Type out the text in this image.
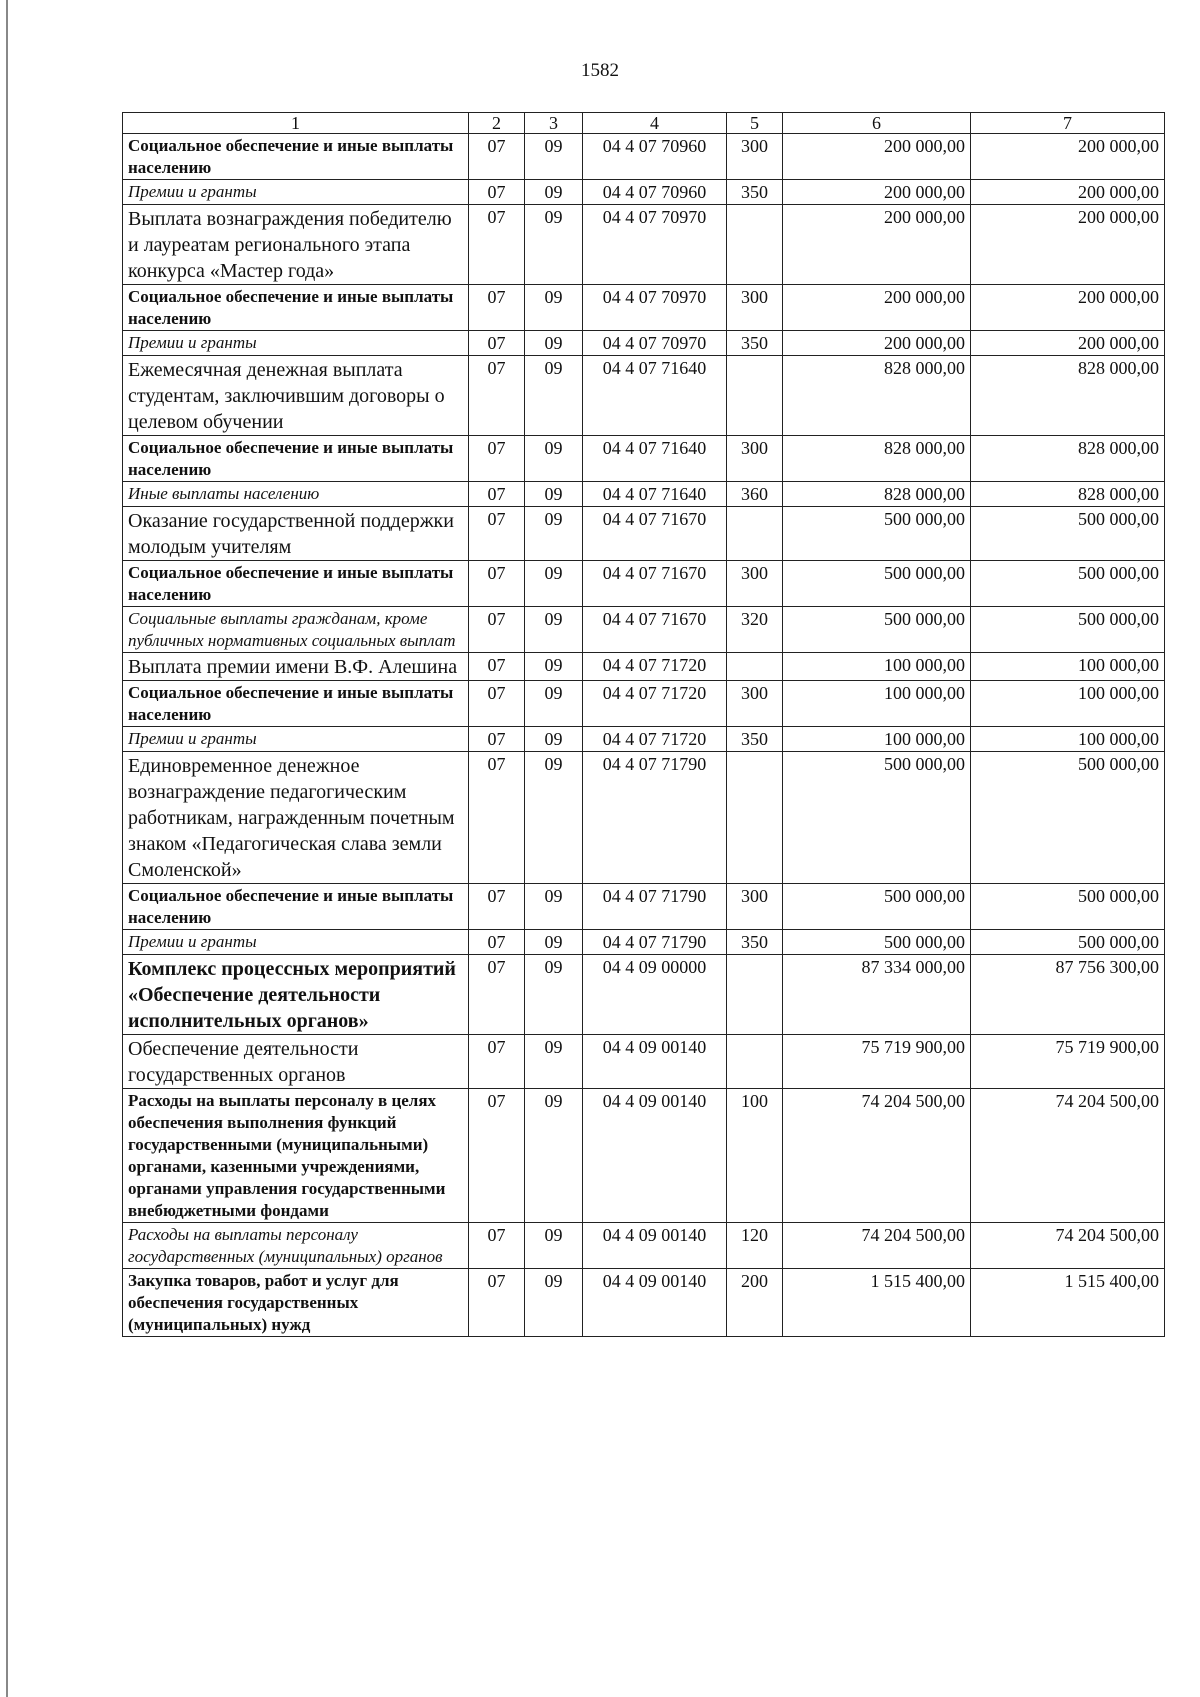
1582
1	2	3	4	5	6	7
Социальное обеспечение и иные выплаты населению	07	09	04 4 07 70960	300	200 000,00	200 000,00
Премии и гранты	07	09	04 4 07 70960	350	200 000,00	200 000,00
Выплата вознаграждения победителю и лауреатам регионального этапа конкурса «Мастер года»	07	09	04 4 07 70970		200 000,00	200 000,00
Социальное обеспечение и иные выплаты населению	07	09	04 4 07 70970	300	200 000,00	200 000,00
Премии и гранты	07	09	04 4 07 70970	350	200 000,00	200 000,00
Ежемесячная денежная выплата студентам, заключившим договоры о целевом обучении	07	09	04 4 07 71640		828 000,00	828 000,00
Социальное обеспечение и иные выплаты населению	07	09	04 4 07 71640	300	828 000,00	828 000,00
Иные выплаты населению	07	09	04 4 07 71640	360	828 000,00	828 000,00
Оказание государственной поддержки молодым учителям	07	09	04 4 07 71670		500 000,00	500 000,00
Социальное обеспечение и иные выплаты населению	07	09	04 4 07 71670	300	500 000,00	500 000,00
Социальные выплаты гражданам, кроме публичных нормативных социальных выплат	07	09	04 4 07 71670	320	500 000,00	500 000,00
Выплата премии имени В.Ф. Алешина	07	09	04 4 07 71720		100 000,00	100 000,00
Социальное обеспечение и иные выплаты населению	07	09	04 4 07 71720	300	100 000,00	100 000,00
Премии и гранты	07	09	04 4 07 71720	350	100 000,00	100 000,00
Единовременное денежное вознаграждение педагогическим работникам, награжденным почетным знаком «Педагогическая слава земли Смоленской»	07	09	04 4 07 71790		500 000,00	500 000,00
Социальное обеспечение и иные выплаты населению	07	09	04 4 07 71790	300	500 000,00	500 000,00
Премии и гранты	07	09	04 4 07 71790	350	500 000,00	500 000,00
Комплекс процессных мероприятий «Обеспечение деятельности исполнительных органов»	07	09	04 4 09 00000		87 334 000,00	87 756 300,00
Обеспечение деятельности государственных органов	07	09	04 4 09 00140		75 719 900,00	75 719 900,00
Расходы на выплаты персоналу в целях обеспечения выполнения функций государственными (муниципальными) органами, казенными учреждениями, органами управления государственными внебюджетными фондами	07	09	04 4 09 00140	100	74 204 500,00	74 204 500,00
Расходы на выплаты персоналу государственных (муниципальных) органов	07	09	04 4 09 00140	120	74 204 500,00	74 204 500,00
Закупка товаров, работ и услуг для обеспечения государственных (муниципальных) нужд	07	09	04 4 09 00140	200	1 515 400,00	1 515 400,00
